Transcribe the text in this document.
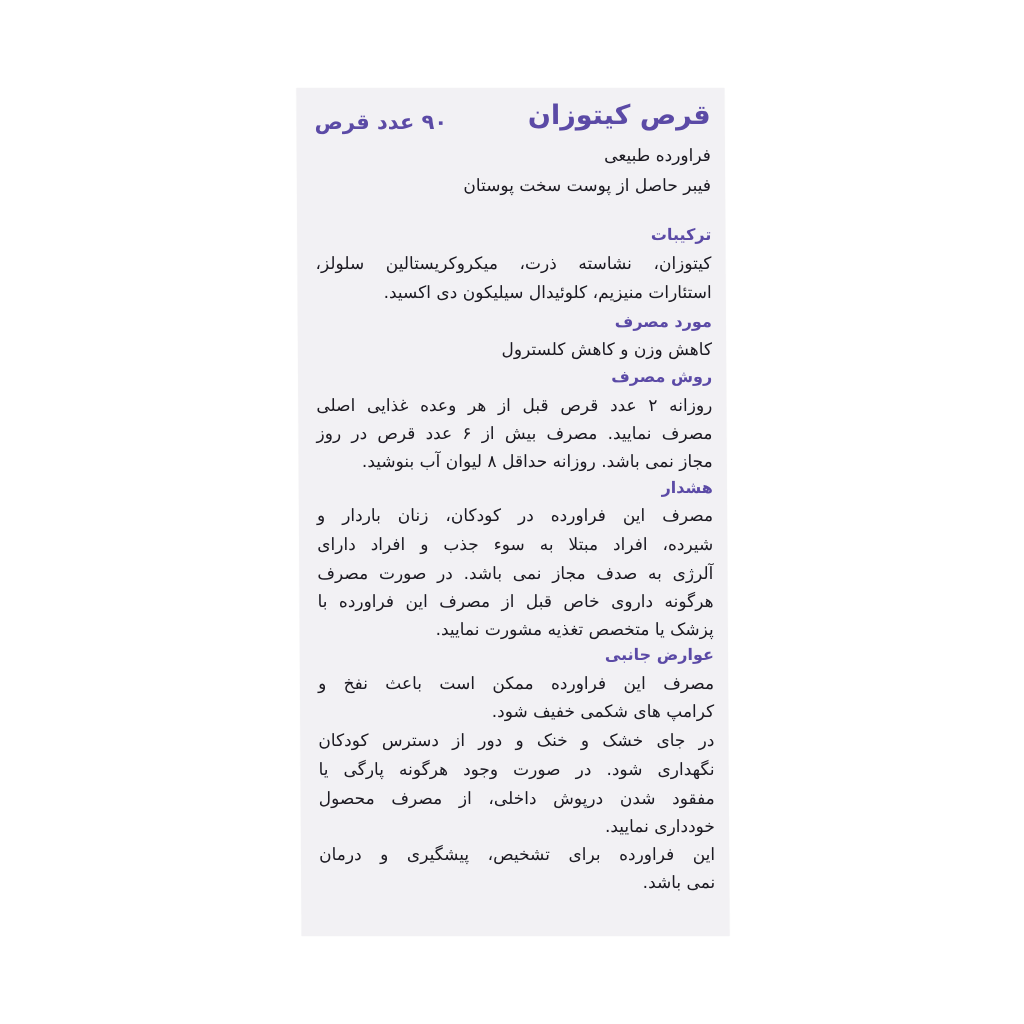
قرص کیتوزان
۹۰ عدد قرص
فراورده طبیعی
فیبر حاصل از پوست سخت پوستان
ترکیبات
کیتوزان، نشاسته ذرت، میکروکریستالین سلولز،
استئارات منیزیم، کلوئیدال سیلیکون دی اکسید.
مورد مصرف
کاهش وزن و کاهش کلسترول
روش مصرف
روزانه ۲ عدد قرص قبل از هر وعده غذایی اصلی
مصرف نمایید. مصرف بیش از ۶ عدد قرص در روز
مجاز نمی باشد. روزانه حداقل ۸ لیوان آب بنوشید.
هشدار
مصرف این فراورده در کودکان، زنان باردار و
شیرده، افراد مبتلا به سوء جذب و افراد دارای
آلرژی به صدف مجاز نمی باشد. در صورت مصرف
هرگونه داروی خاص قبل از مصرف این فراورده با
پزشک یا متخصص تغذیه مشورت نمایید.
عوارض جانبی
مصرف این فراورده ممکن است باعث نفخ و
کرامپ های شکمی خفیف شود.
در جای خشک و خنک و دور از دسترس کودکان
نگهداری شود. در صورت وجود هرگونه پارگی یا
مفقود شدن درپوش داخلی، از مصرف محصول
خودداری نمایید.
این فراورده برای تشخیص، پیشگیری و درمان
نمی باشد.
